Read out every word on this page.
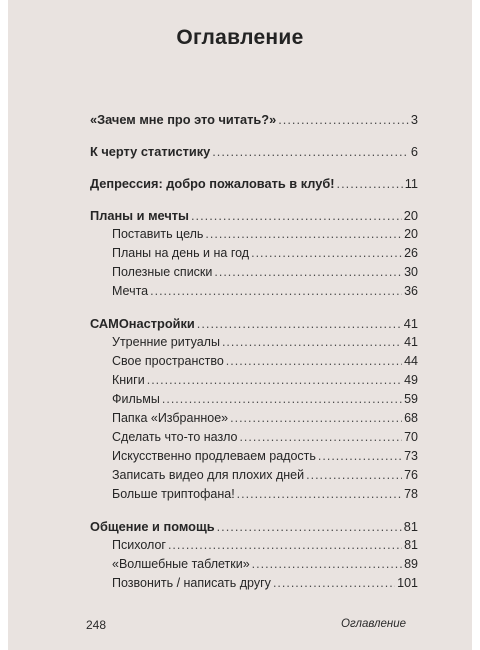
Оглавление
«Зачем мне про это читать?» .....	3
К черту статистику .....	6
Депрессия: добро пожаловать в клуб! .....	11
Планы и мечты .....	20
Поставить цель .....	20
Планы на день и на год .....	26
Полезные списки .....	30
Мечта .....	36
САМОнастройки .....	41
Утренние ритуалы .....	41
Свое пространство .....	44
Книги .....	49
Фильмы .....	59
Папка «Избранное» .....	68
Сделать что-то назло .....	70
Искусственно продлеваем радость .....	73
Записать видео для плохих дней .....	76
Больше триптофана! .....	78
Общение и помощь .....	81
Психолог .....	81
«Волшебные таблетки» .....	89
Позвонить / написать другу .....	101
248	Оглавление
